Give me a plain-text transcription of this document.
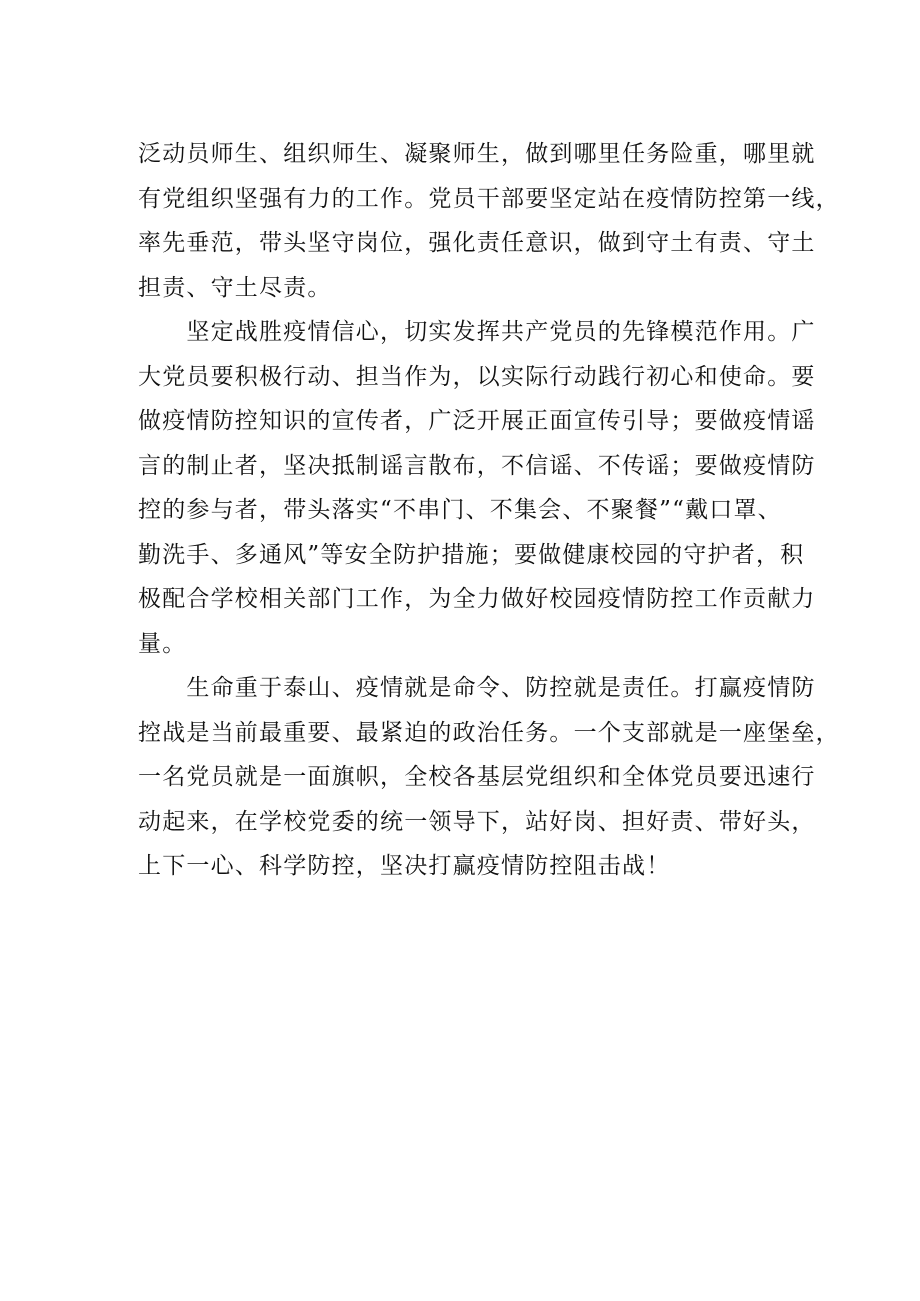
泛动员师生、组织师生、凝聚师生，做到哪里任务险重，哪里就
有党组织坚强有力的工作。党员干部要坚定站在疫情防控第一线，
率先垂范，带头坚守岗位，强化责任意识，做到守土有责、守土
担责、守土尽责。
　　坚定战胜疫情信心，切实发挥共产党员的先锋模范作用。广
大党员要积极行动、担当作为，以实际行动践行初心和使命。要
做疫情防控知识的宣传者，广泛开展正面宣传引导；要做疫情谣
言的制止者，坚决抵制谣言散布，不信谣、不传谣；要做疫情防
控的参与者，带头落实“不串门、不集会、不聚餐”“戴口罩、
勤洗手、多通风”等安全防护措施；要做健康校园的守护者，积
极配合学校相关部门工作，为全力做好校园疫情防控工作贡献力
量。
　　生命重于泰山、疫情就是命令、防控就是责任。打赢疫情防
控战是当前最重要、最紧迫的政治任务。一个支部就是一座堡垒，
一名党员就是一面旗帜，全校各基层党组织和全体党员要迅速行
动起来，在学校党委的统一领导下，站好岗、担好责、带好头，
上下一心、科学防控，坚决打赢疫情防控阻击战！
